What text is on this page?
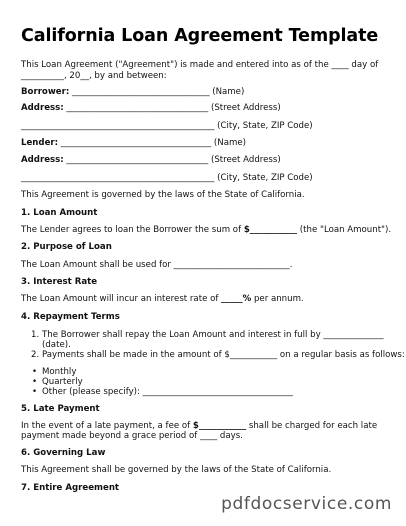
California Loan Agreement Template
This Loan Agreement ("Agreement") is made and entered into as of the ____ day of
__________, 20__, by and between:
Borrower: ________________________________ (Name)
Address: _________________________________ (Street Address)
_____________________________________________ (City, State, ZIP Code)
Lender: ___________________________________ (Name)
Address: _________________________________ (Street Address)
_____________________________________________ (City, State, ZIP Code)
This Agreement is governed by the laws of the State of California.
1. Loan Amount
The Lender agrees to loan the Borrower the sum of $___________ (the "Loan Amount").
2. Purpose of Loan
The Loan Amount shall be used for ___________________________.
3. Interest Rate
The Loan Amount will incur an interest rate of _____% per annum.
4. Repayment Terms
1. The Borrower shall repay the Loan Amount and interest in full by ______________
(date).
2. Payments shall be made in the amount of $___________ on a regular basis as follows:
• Monthly
• Quarterly
• Other (please specify): ___________________________________
5. Late Payment
In the event of a late payment, a fee of $___________ shall be charged for each late
payment made beyond a grace period of ____ days.
6. Governing Law
This Agreement shall be governed by the laws of the State of California.
7. Entire Agreement
pdfdocservice.com
